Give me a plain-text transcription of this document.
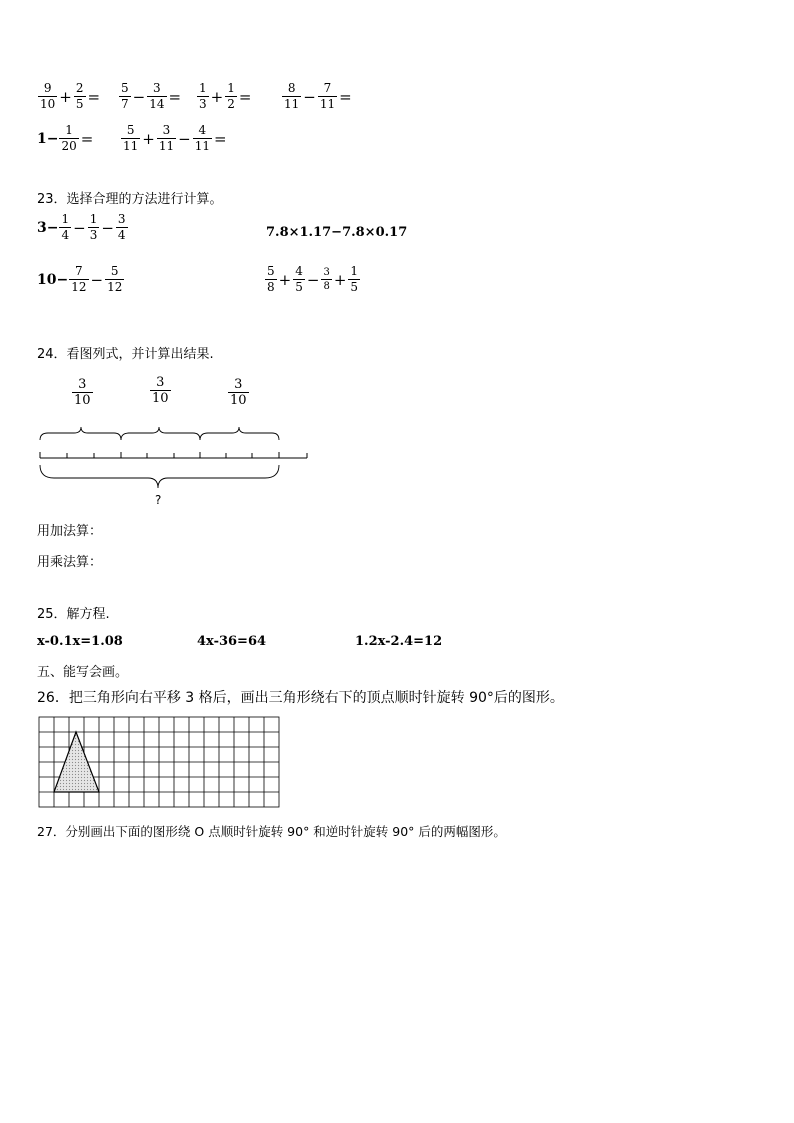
$\frac{9}{10} + \frac{2}{5} = \frac{5}{7} - \frac{3}{14} = \frac{1}{3} + \frac{1}{2}$ =	$\frac{8}{11} - \frac{7}{11}$ =
$1- \frac{1}{20} = \frac{5}{11} + \frac{3}{11} - \frac{4}{11}$ =
23．选择合理的方法进行计算。
$3- \frac{1}{4} - \frac{1}{3} - \frac{3}{4}$	7.8×1.17−7.8×0.17
$10- \frac{7}{12} - \frac{5}{12}$	$\frac{5}{8} + \frac{4}{5} - \frac{3}{8} + \frac{1}{5}$
24．看图列式，并计算出结果.
$\frac{3}{10}$	$\frac{3}{10}$	$\frac{3}{10}$
?
用加法算：
用乘法算：
25．解方程.
x-0.1x=1.08	4x-36=64	1.2x-2.4=12
五、能写会画。
26．把三角形向右平移 3 格后，画出三角形绕右下的顶点顺时针旋转 90°后的图形。
27．分别画出下面的图形绕 O 点顺时针旋转 90° 和逆时针旋转 90° 后的两幅图形。
